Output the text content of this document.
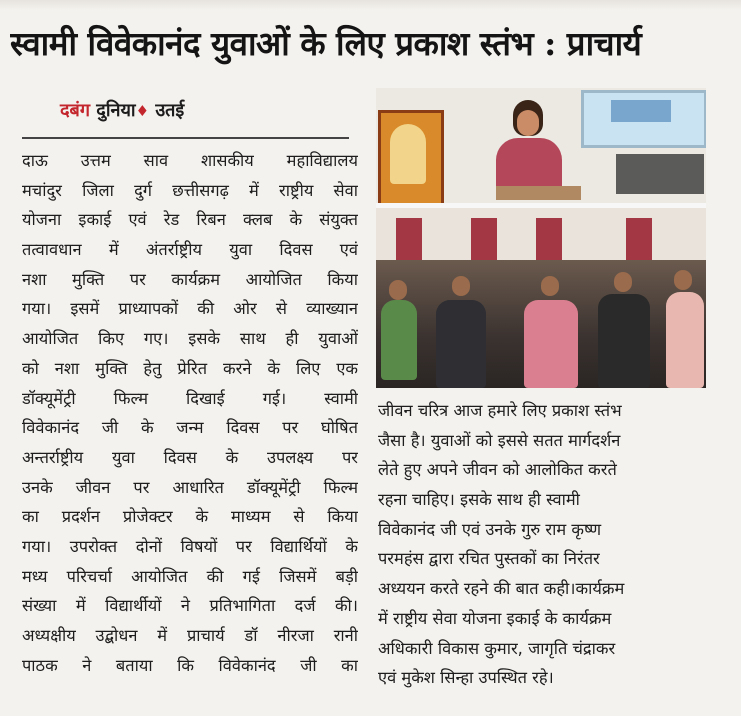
स्वामी विवेकानंद युवाओं के लिए प्रकाश स्तंभ : प्राचार्य
दबंग दुनिया♦ उतई
दाऊ उत्तम साव शासकीय महाविद्यालय
मचांदुर जिला दुर्ग छत्तीसगढ़ में राष्ट्रीय सेवा
योजना इकाई एवं रेड रिबन क्लब के संयुक्त
तत्वावधान में अंतर्राष्ट्रीय युवा दिवस एवं
नशा मुक्ति पर कार्यक्रम आयोजित किया
गया। इसमें प्राध्यापकों की ओर से व्याख्यान
आयोजित किए गए। इसके साथ ही युवाओं
को नशा मुक्ति हेतु प्रेरित करने के लिए एक
डॉक्यूमेंट्री फिल्म दिखाई गई। स्वामी
विवेकानंद जी के जन्म दिवस पर घोषित
अन्तर्राष्ट्रीय युवा दिवस के उपलक्ष्य पर
उनके जीवन पर आधारित डॉक्यूमेंट्री फिल्म
का प्रदर्शन प्रोजेक्टर के माध्यम से किया
गया। उपरोक्त दोनों विषयों पर विद्यार्थियों के
मध्य परिचर्चा आयोजित की गई जिसमें बड़ी
संख्या में विद्यार्थीयों ने प्रतिभागिता दर्ज की।
अध्यक्षीय उद्बोधन में प्राचार्य डॉ नीरजा रानी
पाठक ने बताया कि विवेकानंद जी का
जीवन चरित्र आज हमारे लिए प्रकाश स्तंभ
जैसा है। युवाओं को इससे सतत मार्गदर्शन
लेते हुए अपने जीवन को आलोकित करते
रहना चाहिए। इसके साथ ही स्वामी
विवेकानंद जी एवं उनके गुरु राम कृष्ण
परमहंस द्वारा रचित पुस्तकों का निरंतर
अध्ययन करते रहने की बात कही।कार्यक्रम
में राष्ट्रीय सेवा योजना इकाई के कार्यक्रम
अधिकारी विकास कुमार, जागृति चंद्राकर
एवं मुकेश सिन्हा उपस्थित रहे।
